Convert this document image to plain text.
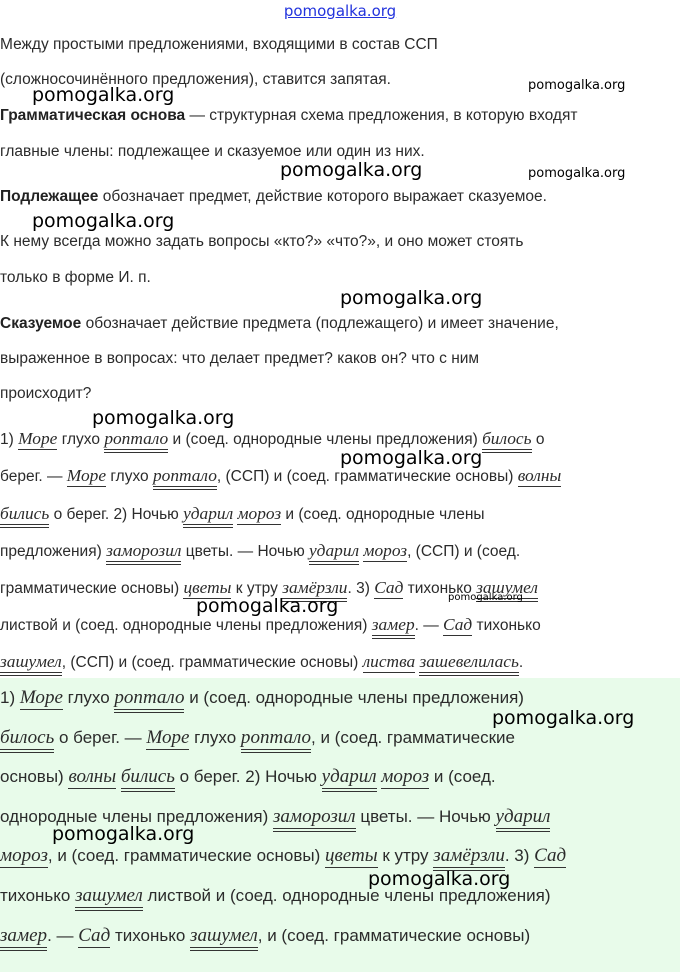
pomogalka.org
Между простыми предложениями, входящими в состав ССП
(сложносочинённого предложения), ставится запятая.
Грамматическая основа — структурная схема предложения, в которую входят
главные члены: подлежащее и сказуемое или один из них.
Подлежащее обозначает предмет, действие которого выражает сказуемое.
К нему всегда можно задать вопросы «кто?» «что?», и оно может стоять
только в форме И. п.
Сказуемое обозначает действие предмета (подлежащего) и имеет значение,
выраженное в вопросах: что делает предмет? каков он? что с ним
происходит?
1) Море глухо роптало и (соед. однородные члены предложения) билось о
берег. — Море глухо роптало, (ССП) и (соед. грамматические основы) волны
бились о берег. 2) Ночью ударил мороз и (соед. однородные члены
предложения) заморозил цветы. — Ночью ударил мороз, (ССП) и (соед.
грамматические основы) цветы к утру замёрзли. 3) Сад тихонько зашумел
листвой и (соед. однородные члены предложения) замер. — Сад тихонько
зашумел, (ССП) и (соед. грамматические основы) листва зашевелилась.
1) Море глухо роптало и (соед. однородные члены предложения)
билось о берег. — Море глухо роптало, и (соед. грамматические
основы) волны бились о берег. 2) Ночью ударил мороз и (соед.
однородные члены предложения) заморозил цветы. — Ночью ударил
мороз, и (соед. грамматические основы) цветы к утру замёрзли. 3) Сад
тихонько зашумел листвой и (соед. однородные члены предложения)
замер. — Сад тихонько зашумел, и (соед. грамматические основы)
pomogalka.org	pomogalka.org
pomogalka.org	pomogalka.org
pomogalka.org
pomogalka.org
pomogalka.org
pomogalka.org
pomogalka.org	pomogalka.org
pomogalka.org
pomogalka.org
pomogalka.org
